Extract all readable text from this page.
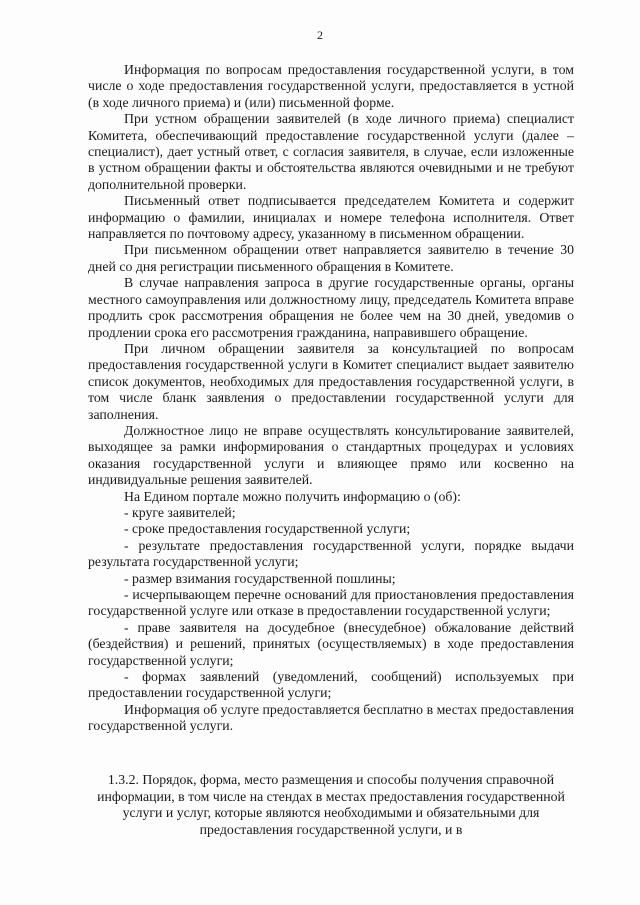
2

Информация по вопросам предоставления государственной услуги, в том числе о ходе предоставления государственной услуги, предоставляется в устной (в ходе личного приема) и (или) письменной форме.

При устном обращении заявителей (в ходе личного приема) специалист Комитета, обеспечивающий предоставление государственной услуги (далее – специалист), дает устный ответ, с согласия заявителя, в случае, если изложенные в устном обращении факты и обстоятельства являются очевидными и не требуют дополнительной проверки.

Письменный ответ подписывается председателем Комитета и содержит информацию о фамилии, инициалах и номере телефона исполнителя. Ответ направляется по почтовому адресу, указанному в письменном обращении.

При письменном обращении ответ направляется заявителю в течение 30 дней со дня регистрации письменного обращения в Комитете.

В случае направления запроса в другие государственные органы, органы местного самоуправления или должностному лицу, председатель Комитета вправе продлить срок рассмотрения обращения не более чем на 30 дней, уведомив о продлении срока его рассмотрения гражданина, направившего обращение.

При личном обращении заявителя за консультацией по вопросам предоставления государственной услуги в Комитет специалист выдает заявителю список документов, необходимых для предоставления государственной услуги, в том числе бланк заявления о предоставлении государственной услуги для заполнения.

Должностное лицо не вправе осуществлять консультирование заявителей, выходящее за рамки информирования о стандартных процедурах и условиях оказания государственной услуги и влияющее прямо или косвенно на индивидуальные решения заявителей.

На Едином портале можно получить информацию о (об):

- круге заявителей;

- сроке предоставления государственной услуги;

- результате предоставления государственной услуги, порядке выдачи результата государственной услуги;

- размер взимания государственной пошлины;

- исчерпывающем перечне оснований для приостановления предоставления государственной услуге или отказе в предоставлении государственной услуги;

- праве заявителя на досудебное (внесудебное) обжалование действий (бездействия) и решений, принятых (осуществляемых) в ходе предоставления государственной услуги;

- формах заявлений (уведомлений, сообщений) используемых при предоставлении государственной услуги;

Информация об услуге предоставляется бесплатно в местах предоставления государственной услуги.

1.3.2. Порядок, форма, место размещения и способы получения справочной информации, в том числе на стендах в местах предоставления государственной услуги и услуг, которые являются необходимыми и обязательными для предоставления государственной услуги, и в
